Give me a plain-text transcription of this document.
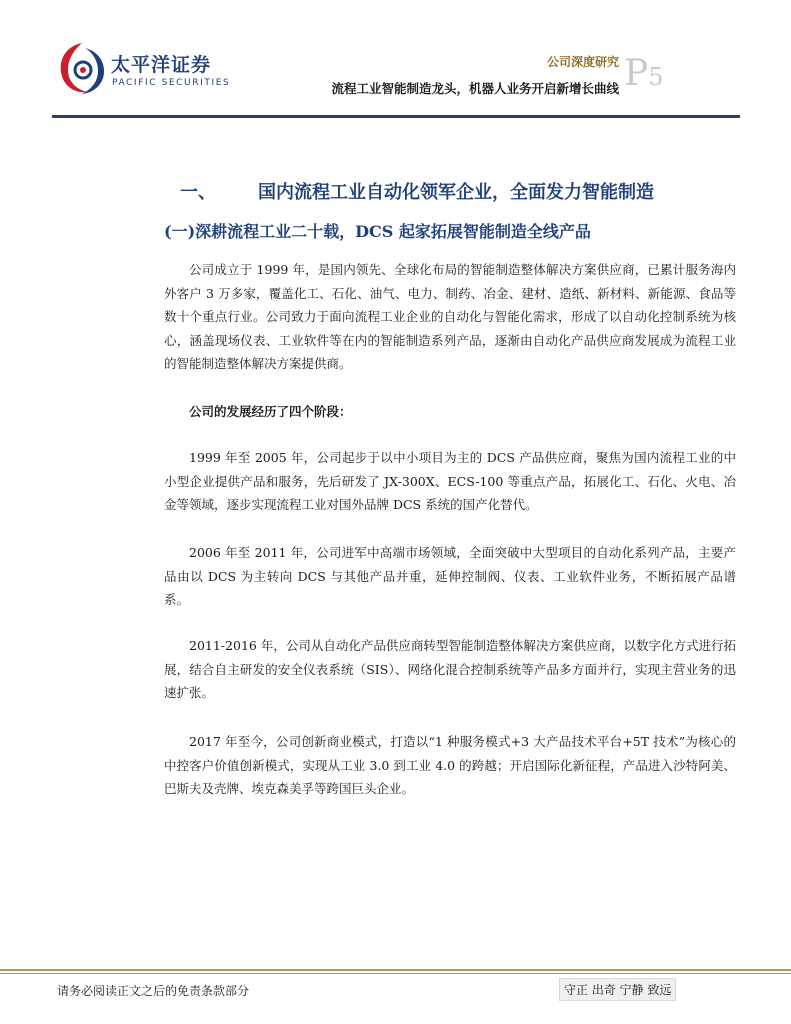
太平洋证券
PACIFIC SECURITIES
公司深度研究
流程工业智能制造龙头，机器人业务开启新增长曲线 P5
一、 国内流程工业自动化领军企业，全面发力智能制造
(一)深耕流程工业二十载，DCS 起家拓展智能制造全线产品
公司成立于 1999 年，是国内领先、全球化布局的智能制造整体解决方案供应商，已累计服务海内外客户 3 万多家，覆盖化工、石化、油气、电力、制药、冶金、建材、造纸、新材料、新能源、食品等数十个重点行业。公司致力于面向流程工业企业的自动化与智能化需求，形成了以自动化控制系统为核心，涵盖现场仪表、工业软件等在内的智能制造系列产品，逐渐由自动化产品供应商发展成为流程工业的智能制造整体解决方案提供商。
公司的发展经历了四个阶段：
1999 年至 2005 年，公司起步于以中小项目为主的 DCS 产品供应商，聚焦为国内流程工业的中小型企业提供产品和服务，先后研发了 JX-300X、ECS-100 等重点产品，拓展化工、石化、火电、冶金等领域，逐步实现流程工业对国外品牌 DCS 系统的国产化替代。
2006 年至 2011 年，公司进军中高端市场领域，全面突破中大型项目的自动化系列产品，主要产品由以 DCS 为主转向 DCS 与其他产品并重，延伸控制阀、仪表、工业软件业务，不断拓展产品谱系。
2011-2016 年，公司从自动化产品供应商转型智能制造整体解决方案供应商，以数字化方式进行拓展，结合自主研发的安全仪表系统（SIS）、网络化混合控制系统等产品多方面并行，实现主营业务的迅速扩张。
2017 年至今，公司创新商业模式，打造以“1 种服务模式+3 大产品技术平台+5T 技术”为核心的中控客户价值创新模式，实现从工业 3.0 到工业 4.0 的跨越；开启国际化新征程，产品进入沙特阿美、巴斯夫及壳牌、埃克森美孚等跨国巨头企业。
请务必阅读正文之后的免责条款部分	守正 出奇 宁静 致远
